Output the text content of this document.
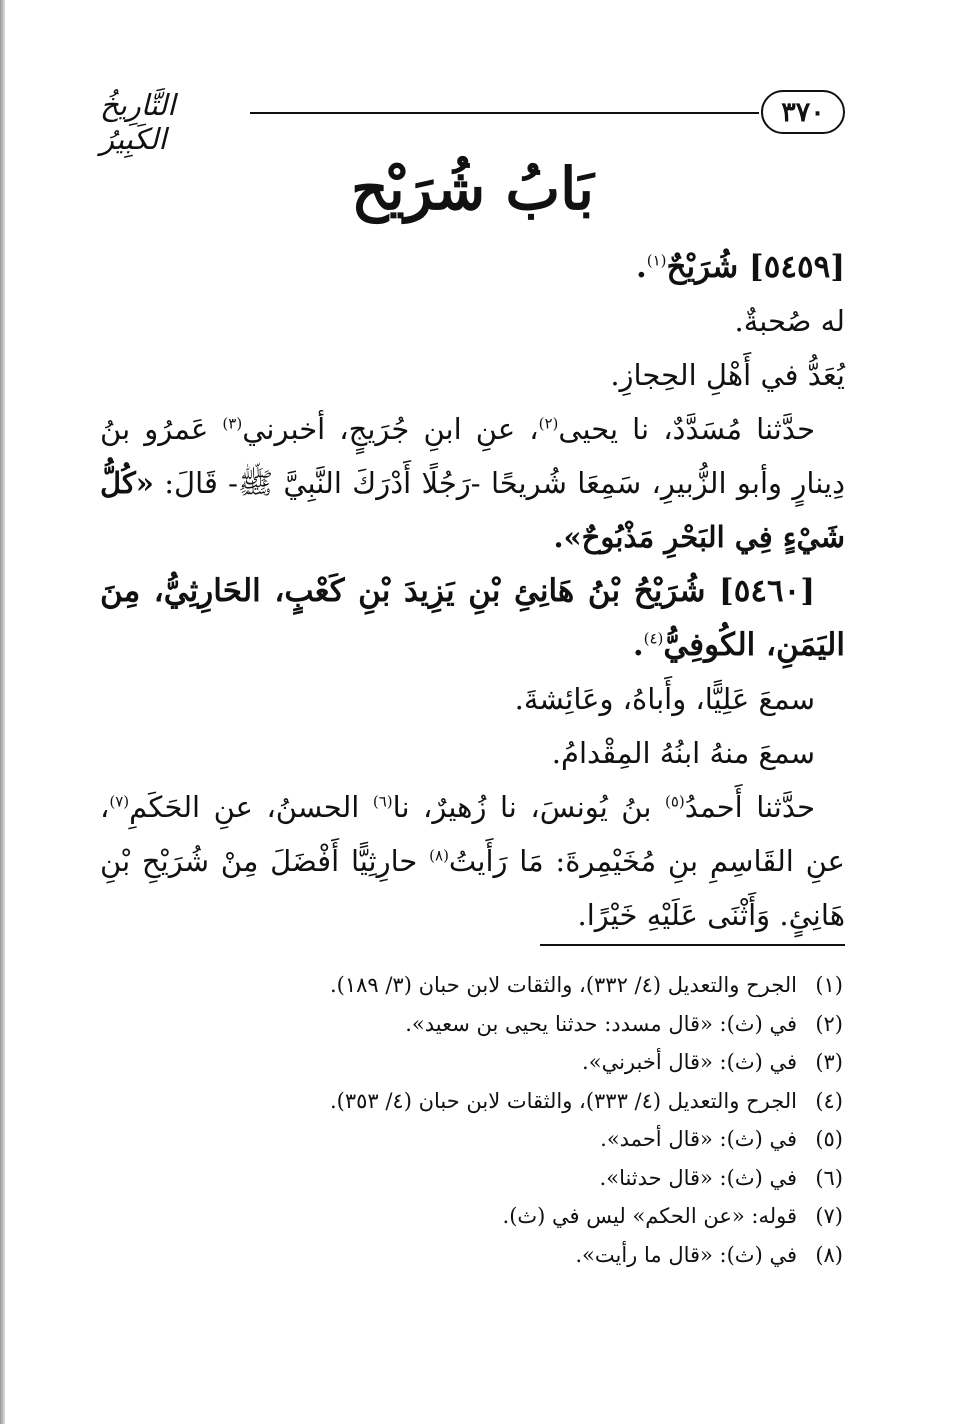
٣٧٠
التَّارِيخُ الكَبِيرُ
بَابُ شُرَيْح

[٥٤٥٩] شُرَيْحٌ$^{(١)}$.

له صُحبةٌ.

يُعَدُّ في أَهْلِ الحِجازِ.

حدَّثنا مُسَدَّدٌ، نا يحيى$^{(٢)}$، عنِ ابنِ جُرَيجٍ، أخبرني$^{(٣)}$ عَمرُو بنُ دِينارٍ وأبو الزُّبيرِ، سَمِعَا شُريحًا -رَجُلًا أَدْرَكَ النَّبِيَّ ﷺ- قَالَ: «كُلُّ شَيْءٍ فِي البَحْرِ مَذْبُوحٌ».

[٥٤٦٠] شُرَيْحُ بْنُ هَانِئِ بْنِ يَزِيدَ بْنِ كَعْبٍ، الحَارِثِيُّ، مِنَ اليَمَنِ، الكُوفِيُّ$^{(٤)}$.

سمعَ عَلِيًّا، وأَباهُ، وعَائِشةَ.

سمعَ منهُ ابنُهُ المِقْدامُ.

حدَّثنا أَحمدُ$^{(٥)}$ بنُ يُونسَ، نا زُهيرٌ، نا$^{(٦)}$ الحسنُ، عنِ الحَكَمِ$^{(٧)}$، عنِ القَاسِمِ بنِ مُخَيْمِرةَ: مَا رَأَيتُ$^{(٨)}$ حارِثِيًّا أَفْضَلَ مِنْ شُرَيْحِ بْنِ هَانِئٍ. وَأَثْنَى عَلَيْهِ خَيْرًا.

(١)
الجرح والتعديل (٤/ ٣٣٢)، والثقات لابن حبان (٣/ ١٨٩).
(٢)
في (ث): «قال مسدد: حدثنا يحيى بن سعيد».
(٣)
في (ث): «قال أخبرني».
(٤)
الجرح والتعديل (٤/ ٣٣٣)، والثقات لابن حبان (٤/ ٣٥٣).
(٥)
في (ث): «قال أحمد».
(٦)
في (ث): «قال حدثنا».
(٧)
قوله: «عن الحكم» ليس في (ث).
(٨)
في (ث): «قال ما رأيت».
